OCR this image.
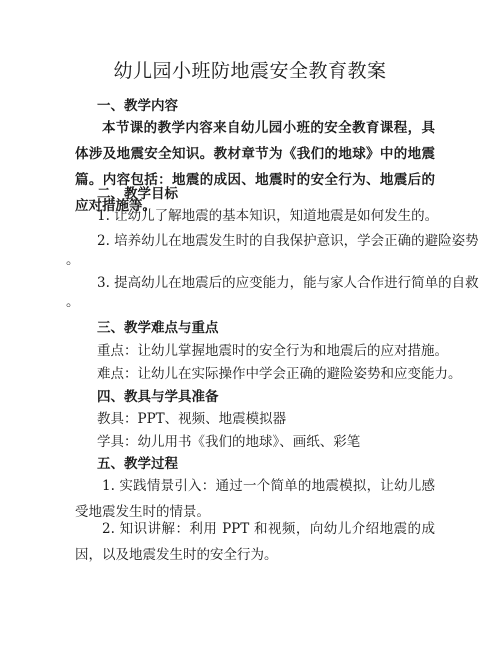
幼儿园小班防地震安全教育教案
一、教学内容
本节课的教学内容来自幼儿园小班的安全教育课程，具体涉及地震安全知识。教材章节为《我们的地球》中的地震篇。内容包括：地震的成因、地震时的安全行为、地震后的应对措施等。
二、教学目标
1. 让幼儿了解地震的基本知识，知道地震是如何发生的。
2. 培养幼儿在地震发生时的自我保护意识，学会正确的避险姿势
。
3. 提高幼儿在地震后的应变能力，能与家人合作进行简单的自救
。
三、教学难点与重点
重点：让幼儿掌握地震时的安全行为和地震后的应对措施。
难点：让幼儿在实际操作中学会正确的避险姿势和应变能力。
四、教具与学具准备
教具：PPT、视频、地震模拟器
学具：幼儿用书《我们的地球》、画纸、彩笔
五、教学过程
1. 实践情景引入：通过一个简单的地震模拟，让幼儿感受地震发生时的情景。
2. 知识讲解：利用 PPT 和视频，向幼儿介绍地震的成因，以及地震发生时的安全行为。
